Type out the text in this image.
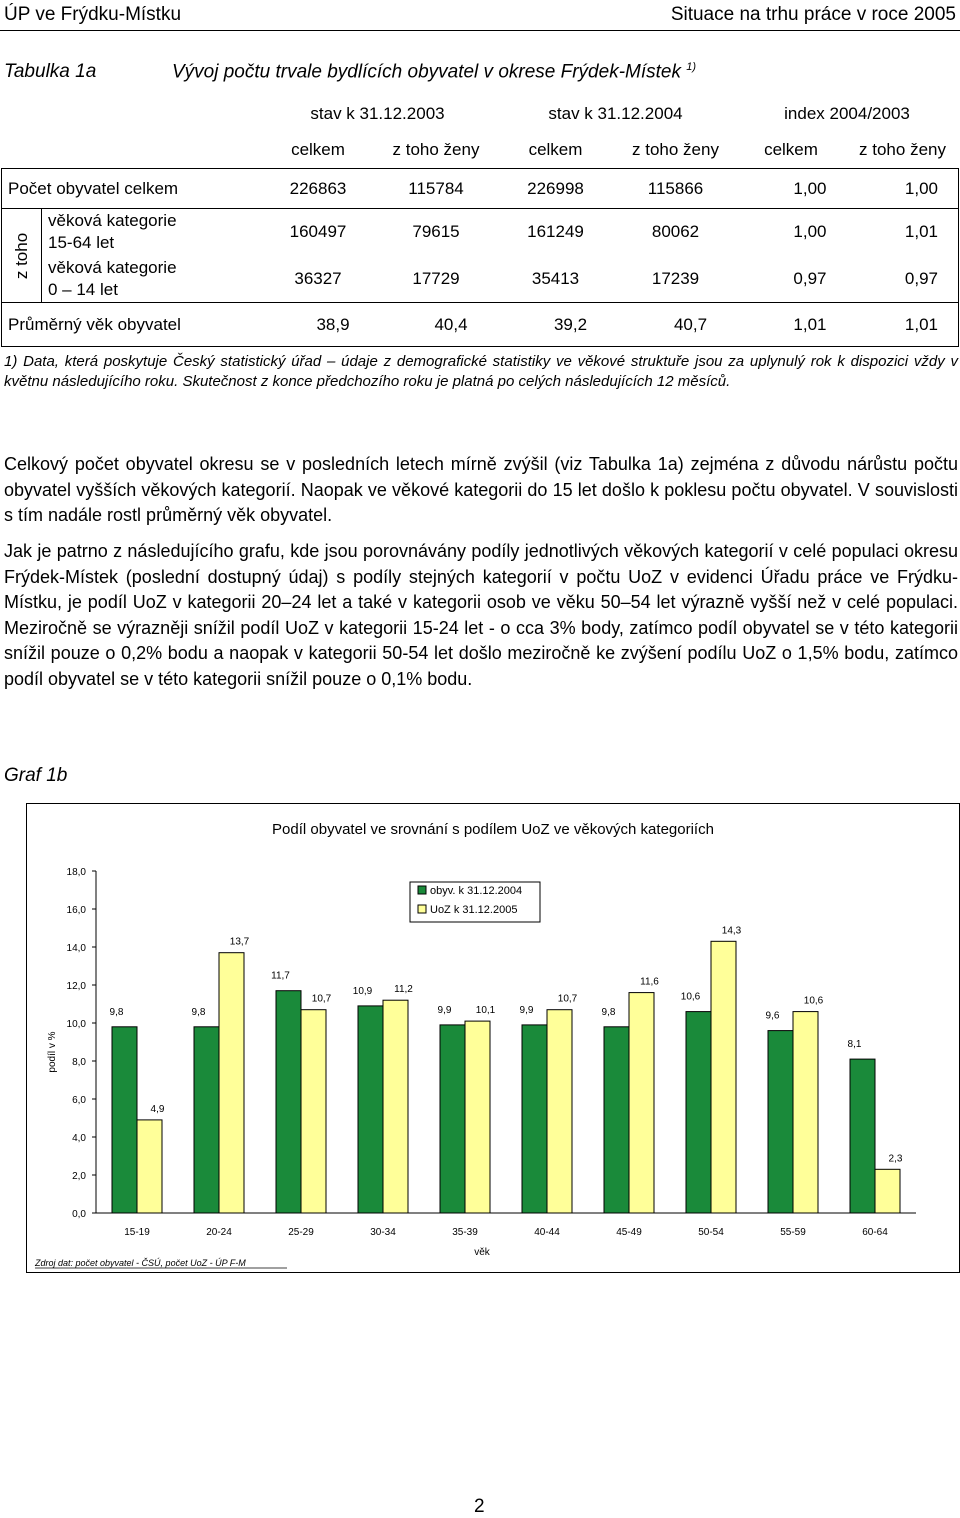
ÚP ve Frýdku-Místku	Situace na trhu práce v roce 2005
Tabulka 1a	Vývoj počtu trvale bydlících obyvatel v okrese Frýdek-Místek $^{1)}$
		stav k 31.12.2003		stav k 31.12.2004		index 2004/2003	
		celkem	z toho ženy	celkem	z toho ženy	celkem	z toho ženy
Počet obyvatel celkem		226863	115784	226998	115866	1,00	1,00

z toho	věková kategorie 15-64 let	160497	79615	161249	80062	1,00	1,01
	věková kategorie 0 – 14 let	36327	17729	35413	17239	0,97	0,97
Průměrný věk obyvatel		38,9	40,4	39,2	40,7	1,01	1,01
1) Data, která poskytuje Český statistický úřad – údaje z demografické statistiky ve věkové struktuře jsou za uplynulý rok k dispozici vždy v květnu následujícího roku. Skutečnost z konce předchozího roku je platná po celých následujících 12 měsíců.
Celkový počet obyvatel okresu se v posledních letech mírně zvýšil (viz Tabulka 1a) zejména z důvodu nárůstu počtu obyvatel vyšších věkových kategorií. Naopak ve věkové kategorii do 15 let došlo k poklesu počtu obyvatel. V souvislosti s tím nadále rostl průměrný věk obyvatel.
Jak je patrno z následujícího grafu, kde jsou porovnávány podíly jednotlivých věkových kategorií v celé populaci okresu Frýdek-Místek (poslední dostupný údaj) s podíly stejných kategorií v počtu UoZ v evidenci Úřadu práce ve Frýdku-Místku, je podíl UoZ v kategorii 20–24 let a také v kategorii osob ve věku 50–54 let výrazně vyšší než v celé populaci. Meziročně se výrazněji snížil podíl UoZ v kategorii 15-24 let - o cca 3% body, zatímco podíl obyvatel se v této kategorii snížil pouze o 0,2% bodu a naopak v kategorii 50-54 let došlo meziročně ke zvýšení podílu UoZ o 1,5% bodu, zatímco podíl obyvatel se v této kategorii snížil pouze o 0,1% bodu.
Graf 1b
Podíl obyvatel ve srovnání s podílem UoZ ve věkových kategoriích
0,0
2,0
4,0
6,0
8,0
10,0
12,0
14,0
16,0
18,0
podíl v %
9,8
4,9
15-19
9,8
13,7
20-24
11,7
10,7
25-29
10,9 11,2
30-34
9,9 10,1
35-39
9,9
10,7
40-44
9,8
11,6
45-49
10,6
14,3
50-54
9,6
10,6
55-59
8,1
2,3
60-64
věk
obyv. k 31.12.2004
UoZ k 31.12.2005
Zdroj dat: počet obyvatel - ČSÚ, počet UoZ - ÚP F-M
2
